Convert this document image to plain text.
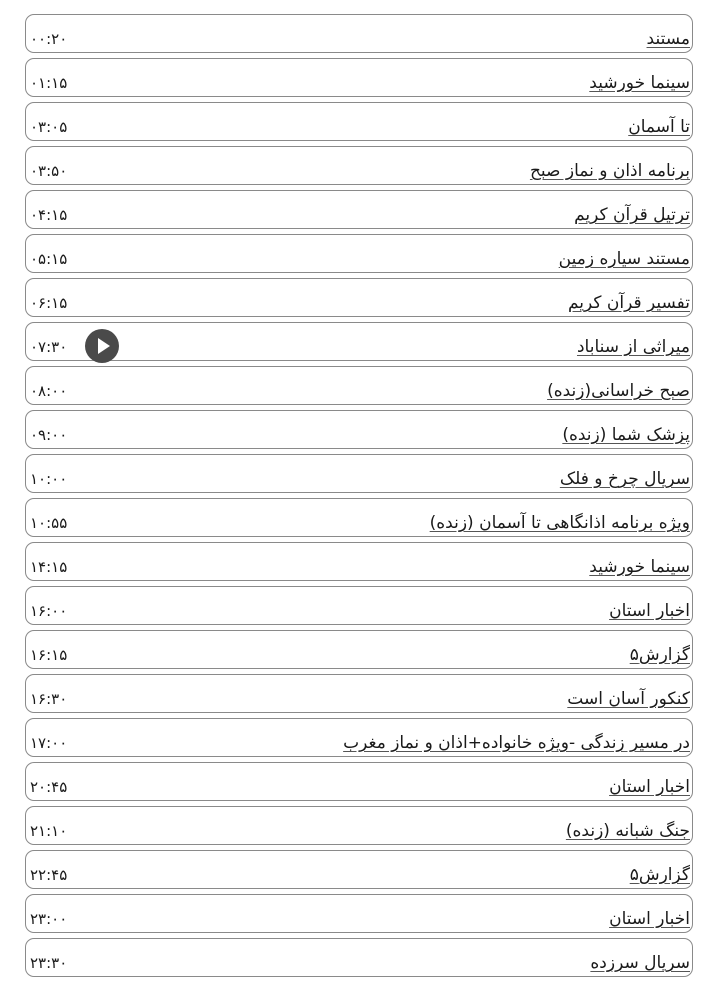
مستند
۰۰:۲۰
سینما خورشید
۰۱:۱۵
تا آسمان
۰۳:۰۵
برنامه اذان و نماز صبح
۰۳:۵۰
ترتیل قرآن کریم
۰۴:۱۵
مستند سیاره زمین
۰۵:۱۵
تفسیر قرآن کریم
۰۶:۱۵
میراثی از سناباد
۰۷:۳۰
صبح خراسانی(زنده)
۰۸:۰۰
پزشک شما (زنده)
۰۹:۰۰
سریال چرخ و فلک
۱۰:۰۰
ویژه برنامه اذانگاهی تا آسمان (زنده)
۱۰:۵۵
سینما خورشید
۱۴:۱۵
اخبار استان
۱۶:۰۰
گزارش۵
۱۶:۱۵
کنکور آسان است
۱۶:۳۰
در مسیر زندگی -ویژه خانواده+اذان و نماز مغرب
۱۷:۰۰
اخبار استان
۲۰:۴۵
جنگ شبانه (زنده)
۲۱:۱۰
گزارش۵
۲۲:۴۵
اخبار استان
۲۳:۰۰
سریال سرزده
۲۳:۳۰
